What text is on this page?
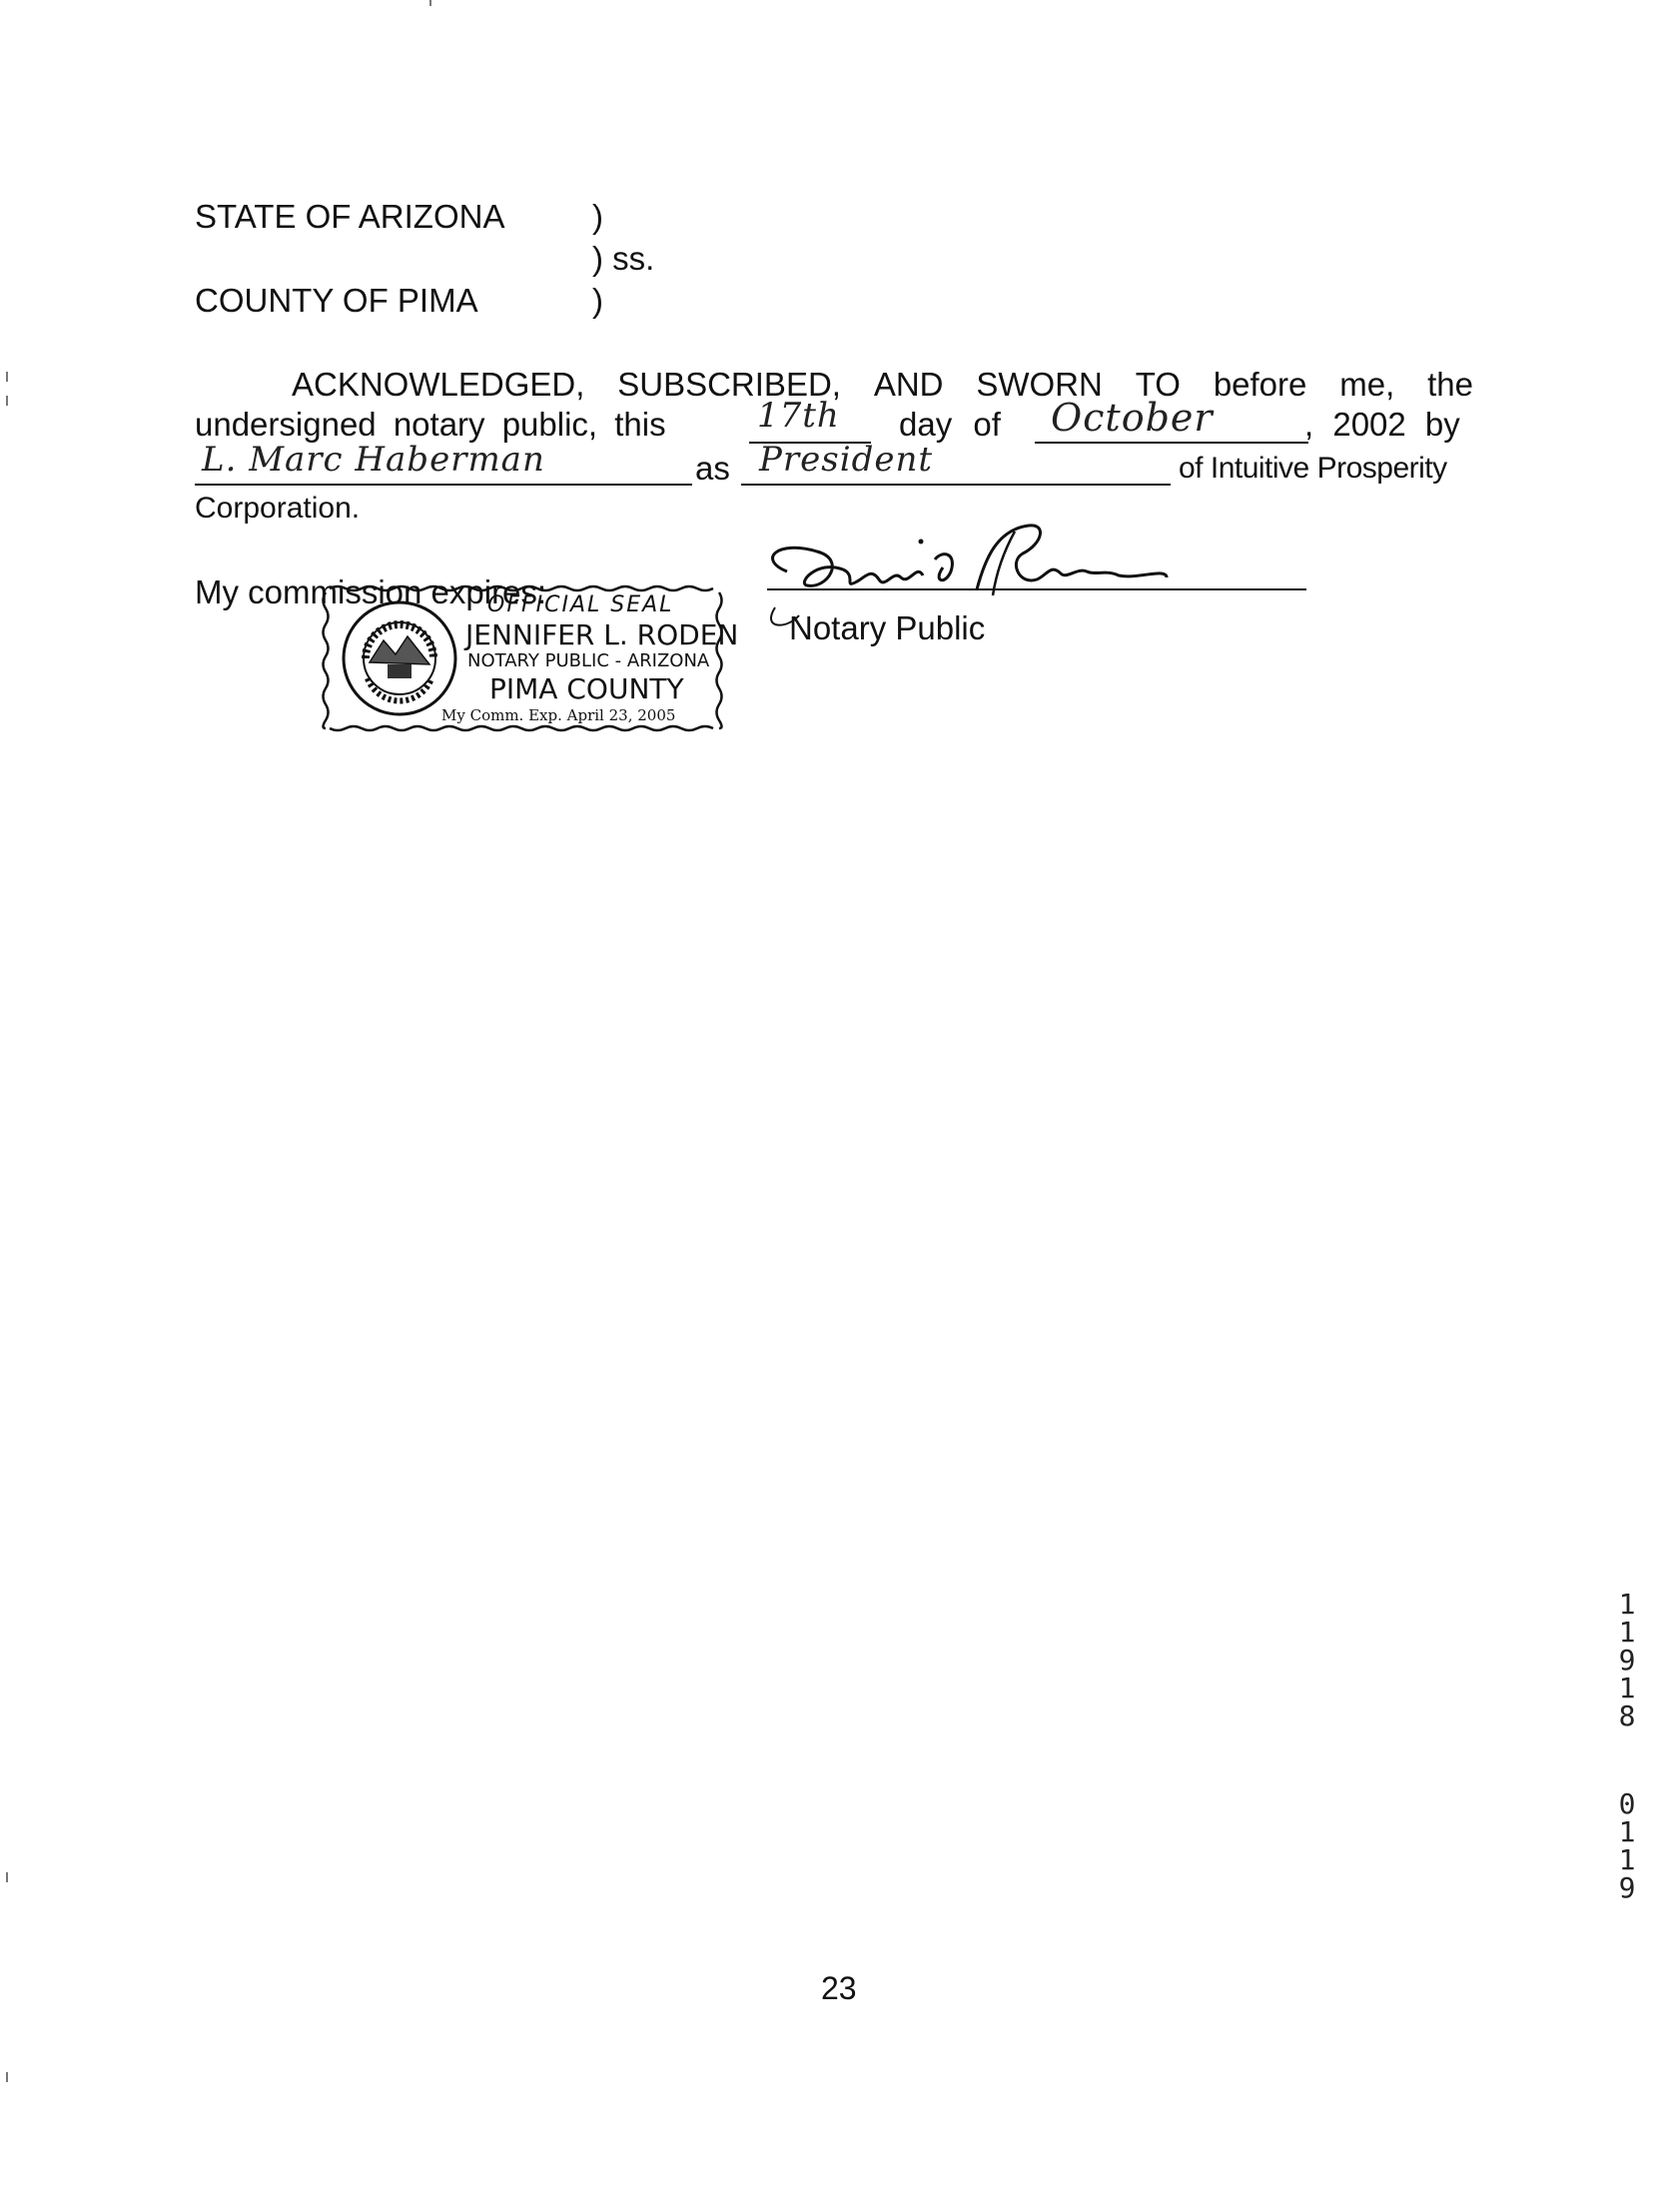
STATE OF ARIZONA	)
) ss.
COUNTY OF PIMA	)
ACKNOWLEDGED, SUBSCRIBED, AND SWORN TO before me, the
undersigned notary public, this	17th day of October	, 2002 by
L. Marc Haberman	as President	of Intuitive Prosperity
Corporation.
My commission expires:
OFFICIAL SEAL
JENNIFER L. RODEN
NOTARY PUBLIC - ARIZONA
PIMA COUNTY
My Comm. Exp. April 23, 2005
Notary Public
23
1
1
9
1
8
0
1
1
9
